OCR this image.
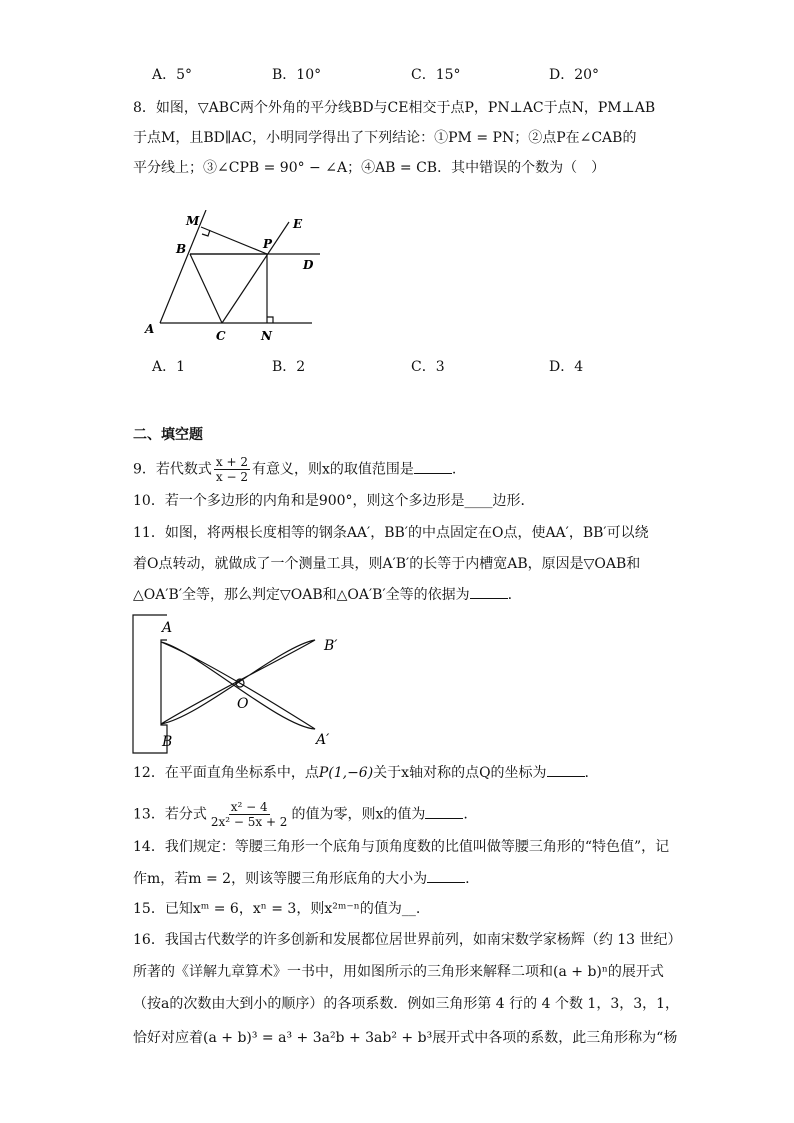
A．5°	B．10°	C．15°	D．20°
8．如图，▽ABC两个外角的平分线BD与CE相交于点P，PN⊥AC于点N，PM⊥AB
于点M，且BD∥AC，小明同学得出了下列结论：①PM = PN；②点P在∠CAB的
平分线上；③∠CPB = 90° − ∠A；④AB = CB．其中错误的个数为（　）
M	E
B	P
D
A	C	N
A．1	B．2	C．3	D．4
二、填空题
9．若代数式 $\frac{x + 2}{x - 2}$ 有意义，则x的取值范围是	.
10．若一个多边形的内角和是900°，则这个多边形是____边形．
11．如图，将两根长度相等的钢条AA′，BB′的中点固定在O点，使AA′，BB′可以绕
着O点转动，就做成了一个测量工具，则A′B′的长等于内槽宽AB，原因是▽OAB和
△OA′B′全等，那么判定▽OAB和△OA′B′全等的依据为	.
A
B′
O
B	A′
12．在平面直角坐标系中，点P(1,−6)关于x轴对称的点Q的坐标为	.
13．若分式 $\frac{\text{x² − 4}}{\text{2x² − 5x + 2}}$ 的值为零，则x的值为	.
14．我们规定：等腰三角形一个底角与顶角度数的比值叫做等腰三角形的“特色值”，记
作m，若m = 2，则该等腰三角形底角的大小为	.
15．已知xᵐ = 6，xⁿ = 3，则x²ᵐ⁻ⁿ的值为__.
16．我国古代数学的许多创新和发展都位居世界前列，如南宋数学家杨辉（约 13 世纪）
所著的《详解九章算术》一书中，用如图所示的三角形来解释二项和(a + b)ⁿ的展开式
（按a的次数由大到小的顺序）的各项系数．例如三角形第 4 行的 4 个数 1，3，3，1，
恰好对应着(a + b)³ = a³ + 3a²b + 3ab² + b³展开式中各项的系数，此三角形称为“杨
